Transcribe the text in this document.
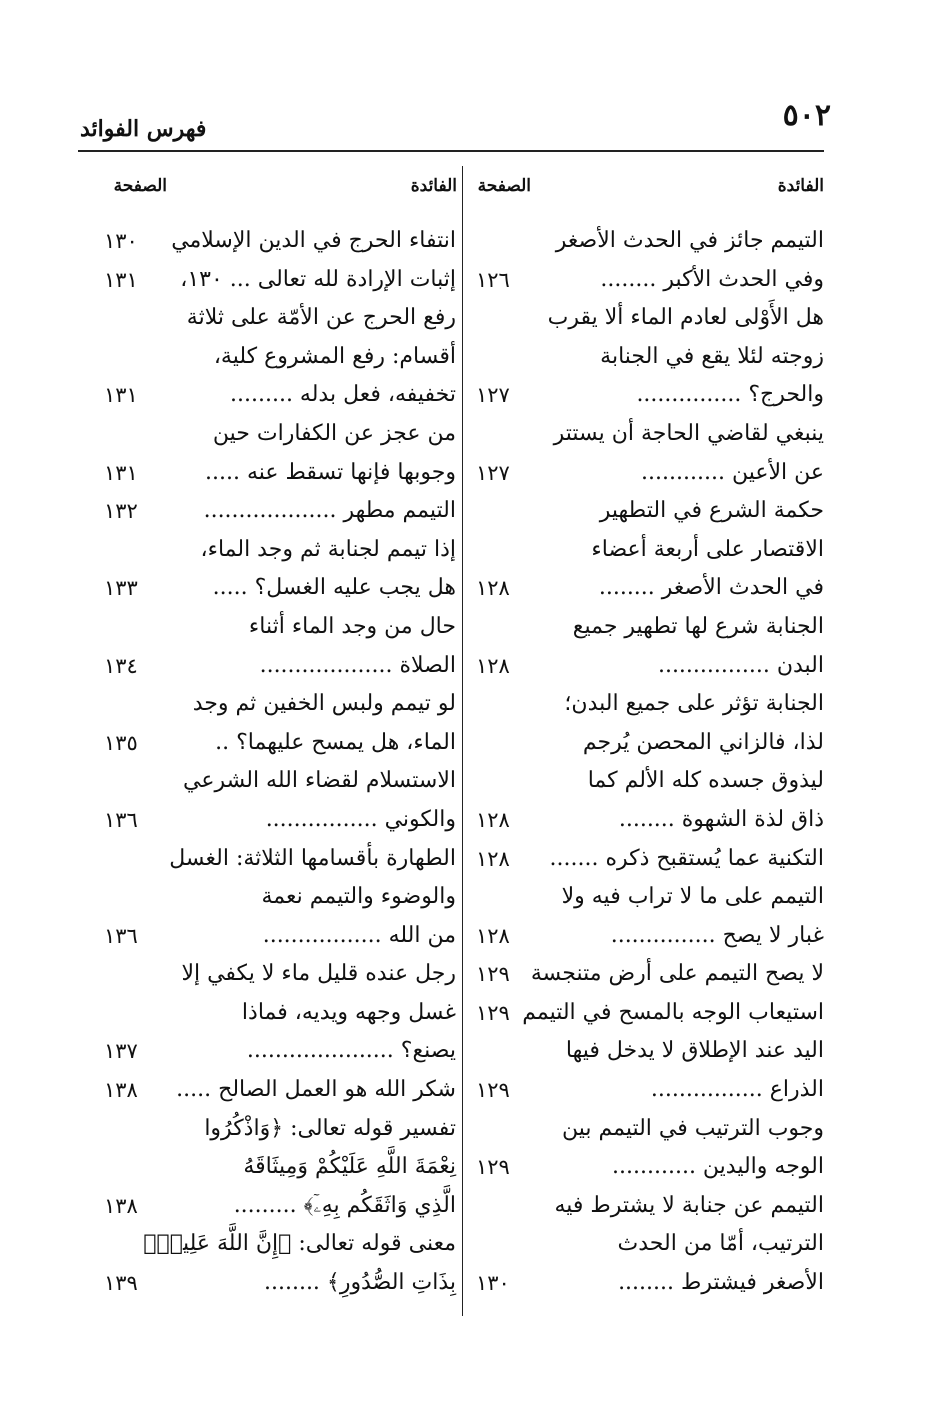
٥٠٢
فهرس الفوائد
الفائدة
الصفحة
الفائدة
الصفحة
التيمم جائز في الحدث الأصغر
وفي الحدث الأكبر ........
١٢٦
هل الأَوْلى لعادم الماء ألا يقرب
زوجته لئلا يقع في الجنابة
والحرج؟ ...............
١٢٧
ينبغي لقاضي الحاجة أن يستتر
عن الأعين ............
١٢٧
حكمة الشرع في التطهير
الاقتصار على أربعة أعضاء
في الحدث الأصغر ........
١٢٨
الجنابة شرع لها تطهير جميع
البدن ................
١٢٨
الجنابة تؤثر على جميع البدن؛
لذا، فالزاني المحصن يُرجم
ليذوق جسده كله الألم كما
ذاق لذة الشهوة ........
١٢٨
التكنية عما يُستقبح ذكره .......
١٢٨
التيمم على ما لا تراب فيه ولا
غبار لا يصح ...............
١٢٨
لا يصح التيمم على أرض متنجسة
١٢٩
استيعاب الوجه بالمسح في التيمم
١٢٩
اليد عند الإطلاق لا يدخل فيها
الذراع ................
١٢٩
وجوب الترتيب في التيمم بين
الوجه واليدين ............
١٢٩
التيمم عن جنابة لا يشترط فيه
الترتيب، أمّا من الحدث
الأصغر فيشترط ........
١٣٠
انتفاء الحرج في الدين الإسلامي
١٣٠
إثبات الإرادة لله تعالى ... ١٣٠،
١٣١
رفع الحرج عن الأمّة على ثلاثة
أقسام: رفع المشروع كلية،
تخفيفه، فعل بدله .........
١٣١
من عجز عن الكفارات حين
وجوبها فإنها تسقط عنه .....
١٣١
التيمم مطهر ...................
١٣٢
إذا تيمم لجنابة ثم وجد الماء،
هل يجب عليه الغسل؟ .....
١٣٣
حال من وجد الماء أثناء
الصلاة ...................
١٣٤
لو تيمم ولبس الخفين ثم وجد
الماء، هل يمسح عليهما؟ ..
١٣٥
الاستسلام لقضاء الله الشرعي
والكوني ................
١٣٦
الطهارة بأقسامها الثلاثة: الغسل
والوضوء والتيمم نعمة
من الله .................
١٣٦
رجل عنده قليل ماء لا يكفي إلا
غسل وجهه ويديه، فماذا
يصنع؟ .....................
١٣٧
شكر الله هو العمل الصالح .....
١٣٨
تفسير قوله تعالى: ﴿وَاذْكُرُوا
نِعْمَةَ اللَّهِ عَلَيْكُمْ وَمِيثَاقَهُ
الَّذِي وَاثَقَكُم بِهِۦٓ﴾ .........
١٣٨
معنى قوله تعالى: ﴿إِنَّ اللَّهَ عَلِيمٌۢ
بِذَاتِ الصُّدُورِ﴾ ........
١٣٩
